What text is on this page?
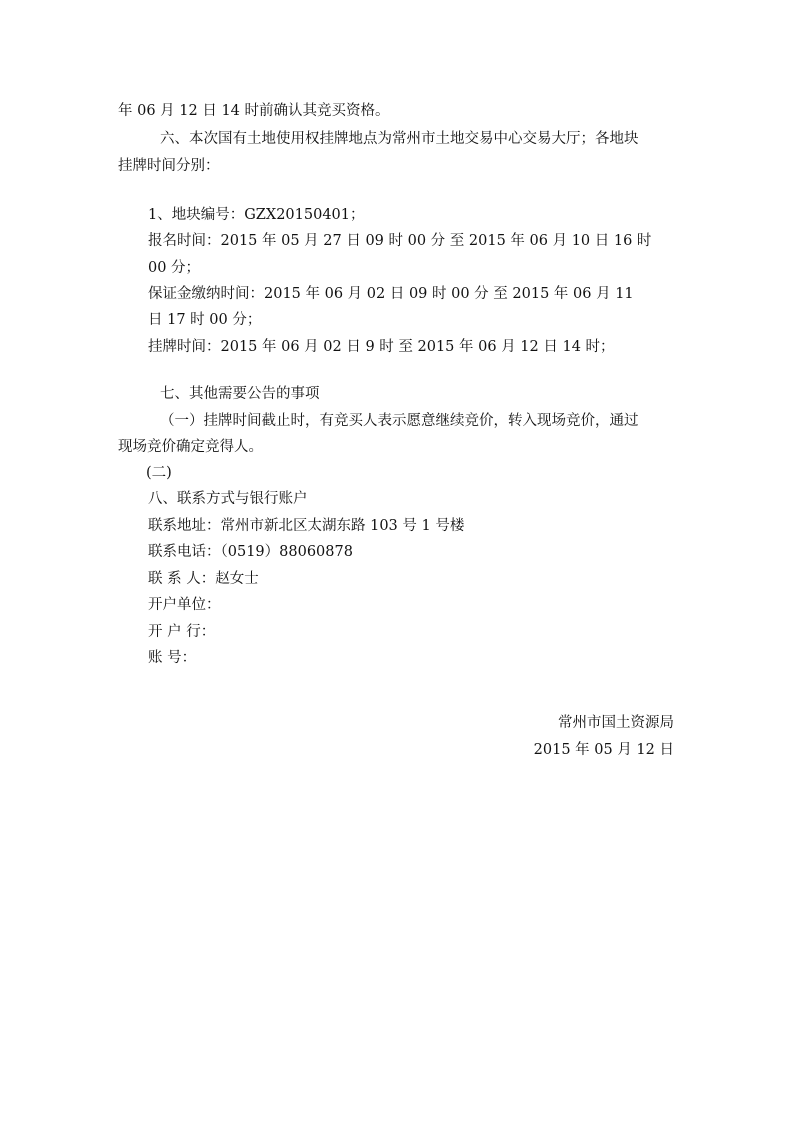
年 06 月 12 日 14 时前确认其竞买资格。
六、本次国有土地使用权挂牌地点为常州市土地交易中心交易大厅；各地块
挂牌时间分别：
1、地块编号：GZX20150401；
报名时间：2015 年 05 月 27 日 09 时 00 分 至 2015 年 06 月 10 日 16 时
00 分；
保证金缴纳时间：2015 年 06 月 02 日 09 时 00 分 至 2015 年 06 月 11
日 17 时 00 分；
挂牌时间：2015 年 06 月 02 日 9 时 至 2015 年 06 月 12 日 14 时；
七、其他需要公告的事项
（一）挂牌时间截止时，有竞买人表示愿意继续竞价，转入现场竞价，通过
现场竞价确定竞得人。
(二)
八、联系方式与银行账户
联系地址：常州市新北区太湖东路 103 号 1 号楼
联系电话：（0519）88060878
联 系 人：赵女士
开户单位：
开 户 行：
账 号：
常州市国土资源局
2015 年 05 月 12 日
